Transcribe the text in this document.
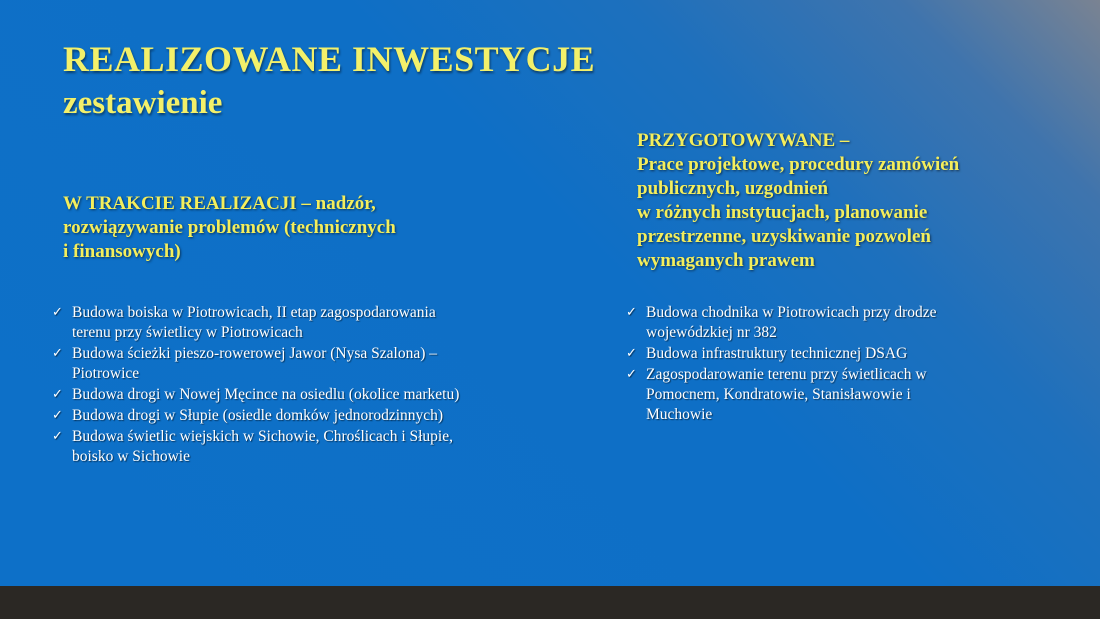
REALIZOWANE INWESTYCJE
zestawienie
W TRAKCIE REALIZACJI – nadzór,
rozwiązywanie problemów (technicznych
i finansowych)
PRZYGOTOWYWANE –
Prace projektowe, procedury zamówień
publicznych, uzgodnień
w różnych instytucjach, planowanie
przestrzenne, uzyskiwanie pozwoleń
wymaganych prawem
✓ Budowa boiska w Piotrowicach, II etap zagospodarowania
terenu przy świetlicy w Piotrowicach
✓ Budowa ścieżki pieszo-rowerowej Jawor (Nysa Szalona) –
Piotrowice
✓ Budowa drogi w Nowej Męcince na osiedlu (okolice marketu)
✓ Budowa drogi w Słupie (osiedle domków jednorodzinnych)
✓ Budowa świetlic wiejskich w Sichowie, Chroślicach i Słupie,
boisko w Sichowie
✓ Budowa chodnika w Piotrowicach przy drodze
wojewódzkiej nr 382
✓ Budowa infrastruktury technicznej DSAG
✓ Zagospodarowanie terenu przy świetlicach w
Pomocnem, Kondratowie, Stanisławowie i
Muchowie
